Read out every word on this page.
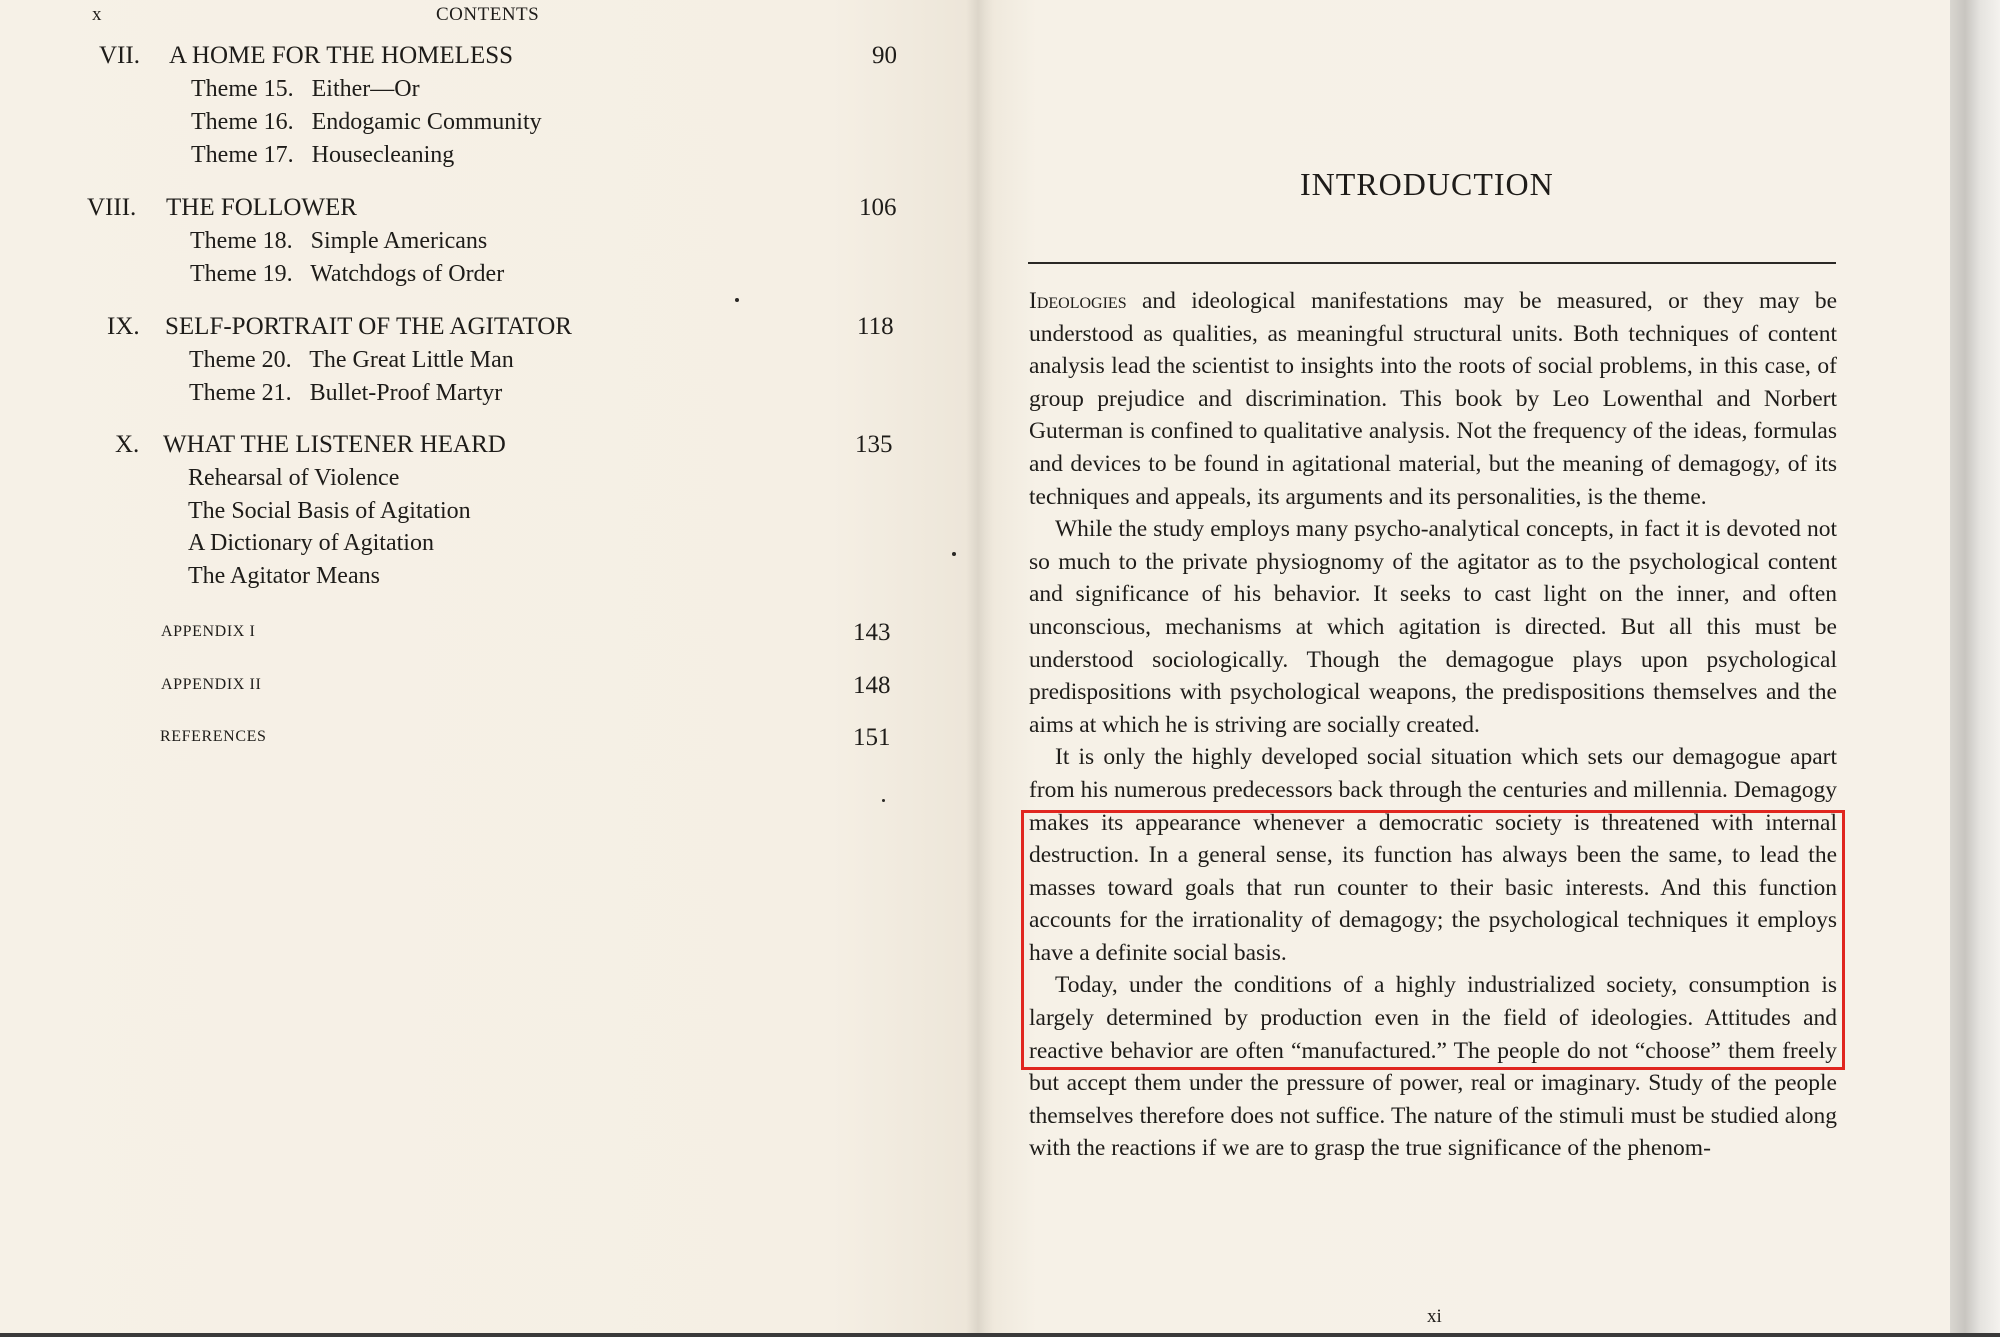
x	CONTENTS
VII. A HOME FOR THE HOMELESS	90
Theme 15.   Either—Or
Theme 16.   Endogamic Community
Theme 17.   Housecleaning
VIII. THE FOLLOWER	106
Theme 18.   Simple Americans
Theme 19.   Watchdogs of Order
IX. SELF-PORTRAIT OF THE AGITATOR	118
Theme 20.   The Great Little Man
Theme 21.   Bullet-Proof Martyr
X. WHAT THE LISTENER HEARD	135
Rehearsal of Violence
The Social Basis of Agitation
A Dictionary of Agitation
The Agitator Means
APPENDIX I	143
APPENDIX II	148
REFERENCES	151
INTRODUCTION

Ideologies and ideological manifestations may be measured, or they may be understood as qualities, as meaningful structural units. Both techniques of content analysis lead the scientist to insights into the roots of social problems, in this case, of group prejudice and discrimination. This book by Leo Lowenthal and Norbert Guterman is confined to qualitative analysis. Not the frequency of the ideas, formulas and devices to be found in agitational material, but the meaning of demagogy, of its techniques and appeals, its arguments and its personalities, is the theme.

While the study employs many psycho-analytical concepts, in fact it is devoted not so much to the private physiognomy of the agitator as to the psychological content and significance of his behavior. It seeks to cast light on the inner, and often unconscious, mechanisms at which agitation is directed. But all this must be understood sociologically. Though the demagogue plays upon psychological predispositions with psychological weapons, the predispositions themselves and the aims at which he is striving are socially created.

It is only the highly developed social situation which sets our demagogue apart from his numerous predecessors back through the centuries and millennia. Demagogy makes its appearance whenever a democratic society is threatened with internal destruction. In a general sense, its function has always been the same, to lead the masses toward goals that run counter to their basic interests. And this function accounts for the irrationality of demagogy; the psychological techniques it employs have a definite social basis.

Today, under the conditions of a highly industrialized society, consumption is largely determined by production even in the field of ideologies. Attitudes and reactive behavior are often “manufactured.” The people do not “choose” them freely but accept them under the pressure of power, real or imaginary. Study of the people themselves therefore does not suffice. The nature of the stimuli must be studied along with the reactions if we are to grasp the true significance of the phenom-

xi
